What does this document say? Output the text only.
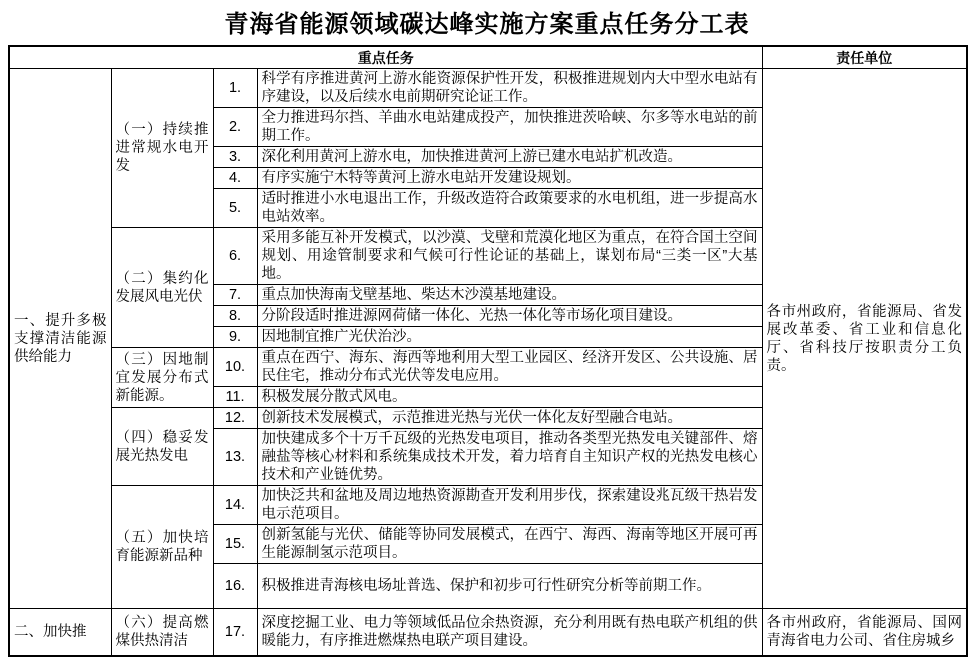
青海省能源领域碳达峰实施方案重点任务分工表
重点任务				责任单位
一、提升多极支撑清洁能源供给能力	（一）持续推进常规水电开发	1.	科学有序推进黄河上游水能资源保护性开发，积极推进规划内大中型水电站有序建设，以及后续水电前期研究论证工作。	各市州政府，省能源局、省发展改革委、省工业和信息化厅、省科技厅按职责分工负责。
		2.	全力推进玛尔挡、羊曲水电站建成投产，加快推进茨哈峡、尔多等水电站的前期工作。	
		3.	深化利用黄河上游水电，加快推进黄河上游已建水电站扩机改造。	
		4.	有序实施宁木特等黄河上游水电站开发建设规划。	
		5.	适时推进小水电退出工作，升级改造符合政策要求的水电机组，进一步提高水电站效率。	
	（二）集约化发展风电光伏	6.	采用多能互补开发模式，以沙漠、戈壁和荒漠化地区为重点，在符合国土空间规划、用途管制要求和气候可行性论证的基础上，谋划布局“三类一区”大基地。	
		7.	重点加快海南戈壁基地、柴达木沙漠基地建设。	
		8.	分阶段适时推进源网荷储一体化、光热一体化等市场化项目建设。	
		9.	因地制宜推广光伏治沙。	
	（三）因地制宜发展分布式新能源。	10.	重点在西宁、海东、海西等地利用大型工业园区、经济开发区、公共设施、居民住宅，推动分布式光伏等发电应用。	
		11.	积极发展分散式风电。	
	（四）稳妥发展光热发电	12.	创新技术发展模式，示范推进光热与光伏一体化友好型融合电站。	
		13.	加快建成多个十万千瓦级的光热发电项目，推动各类型光热发电关键部件、熔融盐等核心材料和系统集成技术开发，着力培育自主知识产权的光热发电核心技术和产业链优势。	
	（五）加快培育能源新品种	14.	加快泛共和盆地及周边地热资源勘查开发利用步伐，探索建设兆瓦级干热岩发电示范项目。	
		15.	创新氢能与光伏、储能等协同发展模式，在西宁、海西、海南等地区开展可再生能源制氢示范项目。	
		16.	积极推进青海核电场址普选、保护和初步可行性研究分析等前期工作。	
二、加快推	（六）提高燃煤供热清洁	17.	深度挖掘工业、电力等领域低品位余热资源，充分利用既有热电联产机组的供暖能力，有序推进燃煤热电联产项目建设。	各市州政府，省能源局、国网青海省电力公司、省住房城乡
